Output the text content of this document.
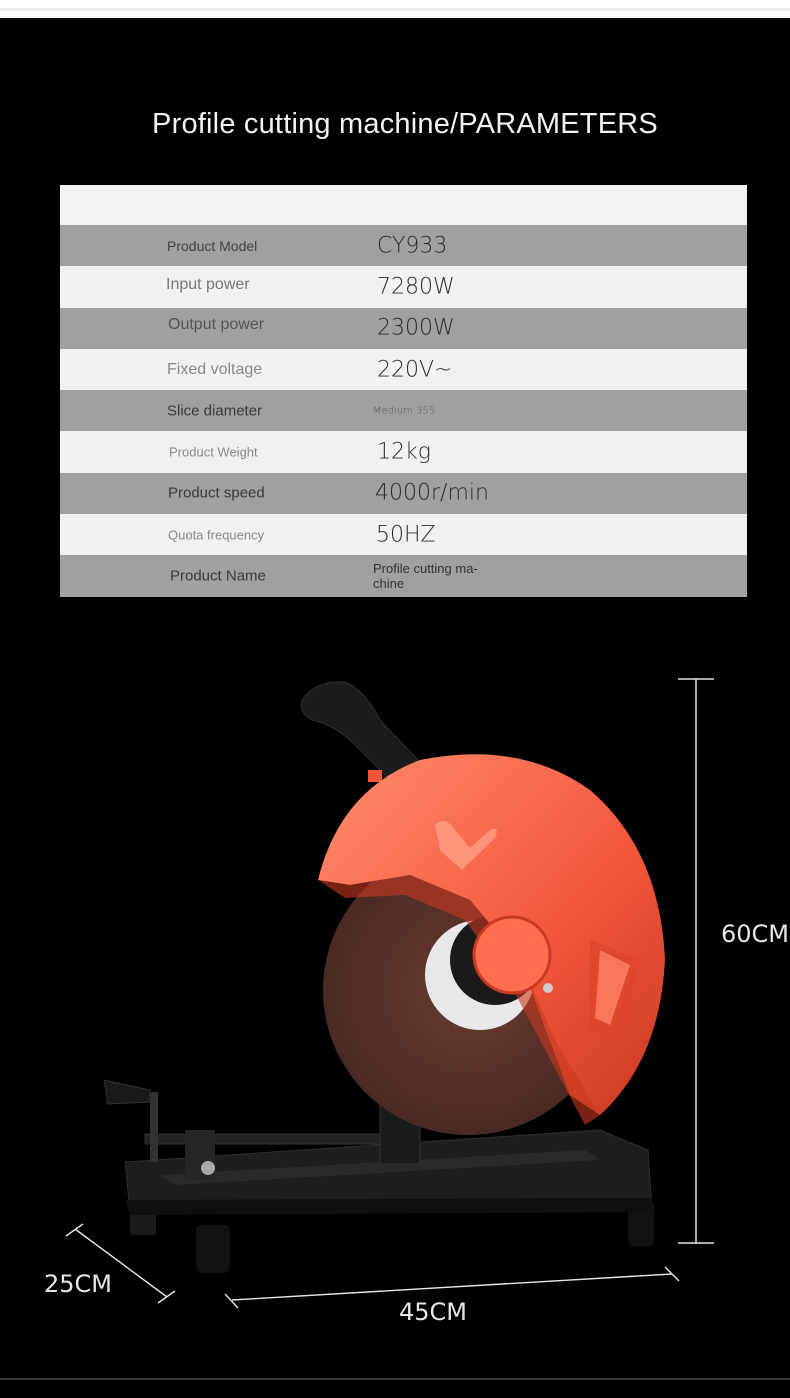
Profile cutting machine/PARAMETERS
Product Model	CY933
Input power	7280W
Output power	2300W
Fixed voltage	220V~
Slice diameter	Medium 355
Product Weight	12kg
Product speed	4000r/min
Quota frequency	50HZ
Product Name	Profile cutting ma-
chine
60CM
25CM
45CM
